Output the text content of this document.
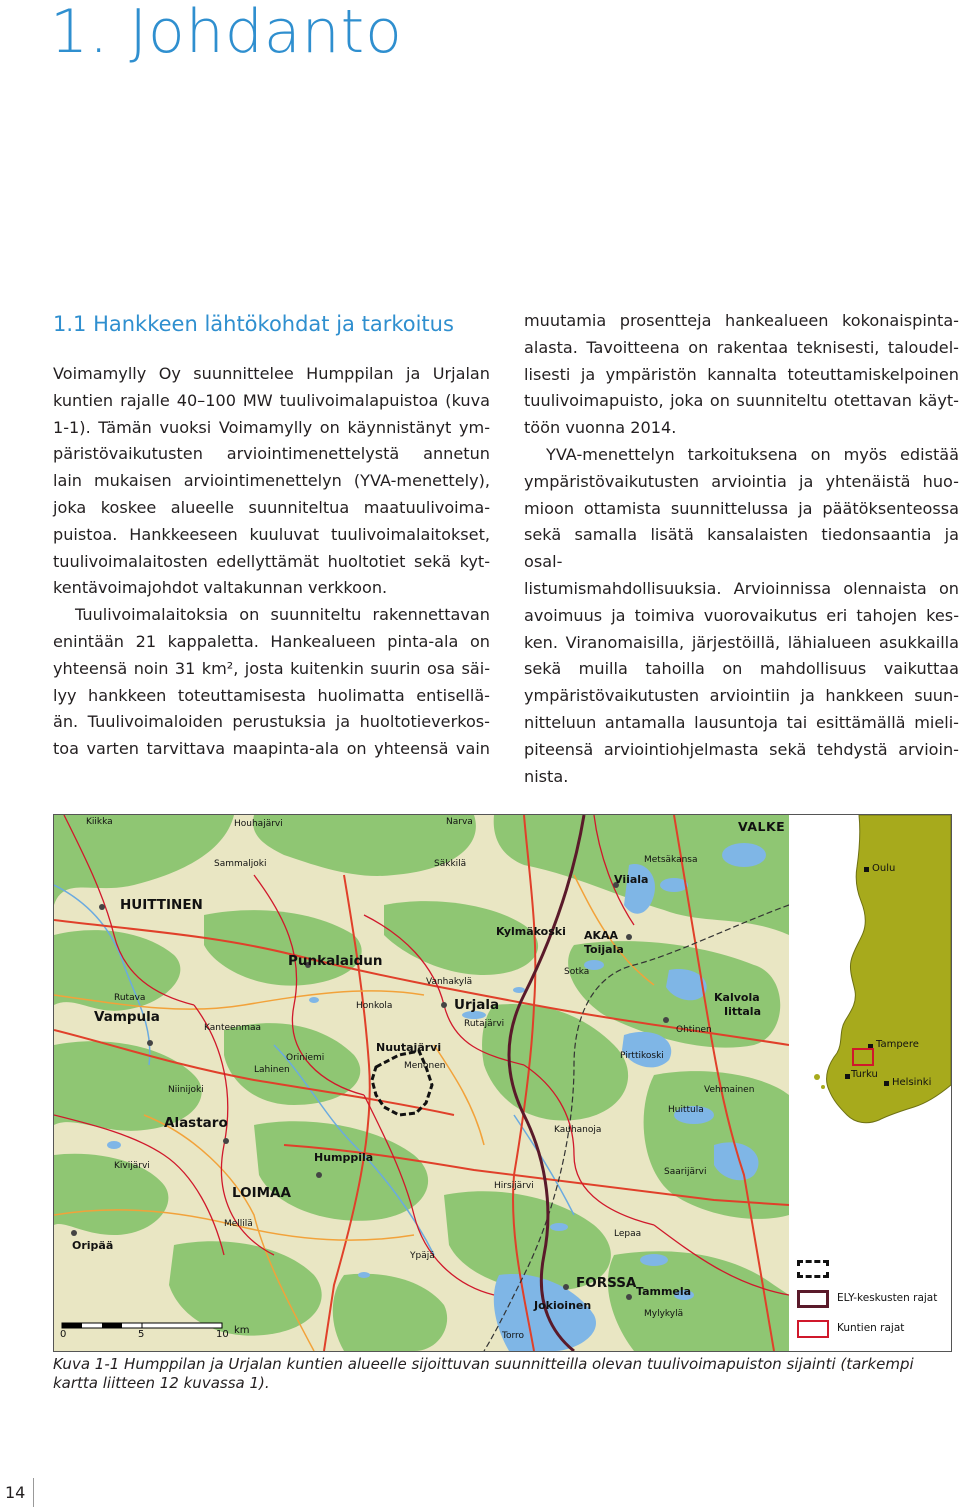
1. Johdanto
1.1 Hankkeen lähtökohdat ja tarkoitus

Voimamylly Oy suunnittelee Humppilan ja Urjalan

kuntien rajalle 40–100 MW tuulivoimalapuistoa (kuva

1-1). Tämän vuoksi Voimamylly on käynnistänyt ym-

päristövaikutusten arviointimenettelystä annetun

lain mukaisen arviointimenettelyn (YVA-menettely),

joka koskee alueelle suunniteltua maatuulivoima-

puistoa. Hankkeeseen kuuluvat tuulivoimalaitokset,

tuulivoimalaitosten edellyttämät huoltotiet sekä kyt-

kentävoimajohdot valtakunnan verkkoon.

Tuulivoimalaitoksia on suunniteltu rakennettavan

enintään 21 kappaletta. Hankealueen pinta-ala on

yhteensä noin 31 km², josta kuitenkin suurin osa säi-

lyy hankkeen toteuttamisesta huolimatta entisellä-

än. Tuulivoimaloiden perustuksia ja huoltotieverkos-

toa varten tarvittava maapinta-ala on yhteensä vain

muutamia prosentteja hankealueen kokonaispinta-

alasta. Tavoitteena on rakentaa teknisesti, taloudel-

lisesti ja ympäristön kannalta toteuttamiskelpoinen

tuulivoimapuisto, joka on suunniteltu otettavan käyt-

töön vuonna 2014.

YVA-menettelyn tarkoituksena on myös edistää

ympäristövaikutusten arviointia ja yhtenäistä huo-

mioon ottamista suunnittelussa ja päätöksenteossa

sekä samalla lisätä kansalaisten tiedonsaantia ja osal-

listumismahdollisuuksia. Arvioinnissa olennaista on

avoimuus ja toimiva vuorovaikutus eri tahojen kes-

ken. Viranomaisilla, järjestöillä, lähialueen asukkailla

sekä muilla tahoilla on mahdollisuus vaikuttaa

ympäristövaikutusten arviointiin ja hankkeen suun-

nitteluun antamalla lausuntoja tai esittämällä mieli-

piteensä arviointiohjelmasta sekä tehdystä arvioin-

nista.

HUITTINEN
Punkalaidun
Vampula
Urjala
Nuutajärvi
Alastaro
Humppila
LOIMAA
Oripää
FORSSA
Tammela
Jokioinen
Kylmäkoski AKAA
Toijala
Kalvola
Iittala
Viiala
VALKE
Kiikka	Houhajärvi	Narva
Säkkilä
Sammaljoki	Metsäkansa
Vanhakylä
Sotka
Rutava
Kanteenmaa
Honkola
Rutajärvi
Lahinen	Menonen
Oriniemi
Niinijoki
Kivijärvi
Mellilä
Ypäjä
Hirsijärvi
Pirttikoski
Lepaa
Torro
Mylykylä
Saarijärvi
Vehmainen
Huittula
Kauhanoja
Ohtinen
0	5	10 km
Oulu
Tampere
Turku
Helsinki
ELY-keskusten rajat
Kuntien rajat

Kuva 1-1 Humppilan ja Urjalan kuntien alueelle sijoittuvan suunnitteilla olevan tuulivoimapuiston sijainti (tarkempi kartta liitteen 12 kuvassa 1).

14
